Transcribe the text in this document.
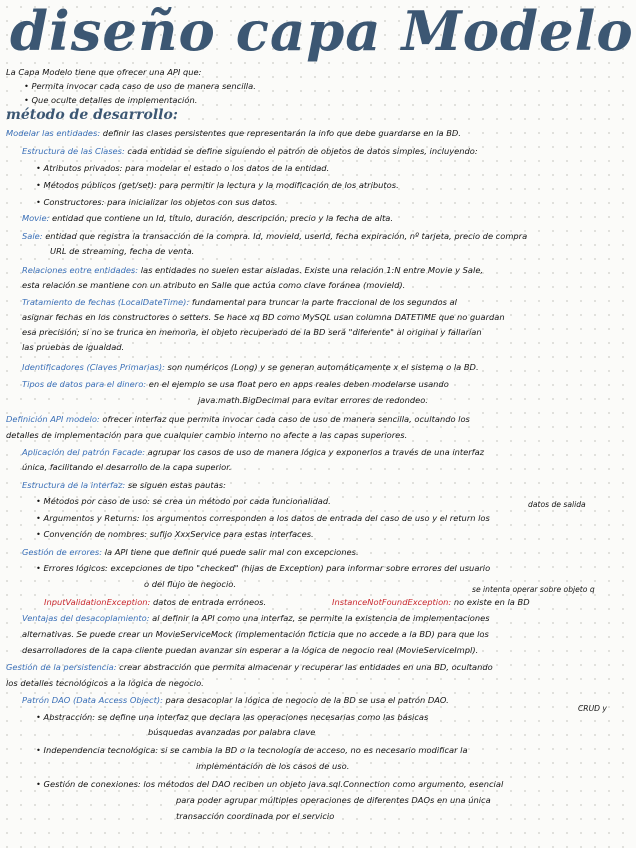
diseño capa Modelo
La Capa Modelo tiene que ofrecer una API que:
• Permita invocar cada caso de uso de manera sencilla.
• Que oculte detalles de implementación.
método de desarrollo:
Modelar las entidades: definir las clases persistentes que representarán la info que debe guardarse en la BD.
Estructura de las Clases: cada entidad se define siguiendo el patrón de objetos de datos simples, incluyendo:
• Atributos privados: para modelar el estado o los datos de la entidad.
• Métodos públicos (get/set): para permitir la lectura y la modificación de los atributos.
• Constructores: para inicializar los objetos con sus datos.
Movie: entidad que contiene un Id, título, duración, descripción, precio y la fecha de alta.
Sale: entidad que registra la transacción de la compra. Id, movieId, userId, fecha expiración, nº tarjeta, precio de compra
URL de streaming, fecha de venta.
Relaciones entre entidades: las entidades no suelen estar aisladas. Existe una relación 1:N entre Movie y Sale,
esta relación se mantiene con un atributo en Salle que actúa como clave foránea (movieId).
Tratamiento de fechas (LocalDateTime): fundamental para truncar la parte fraccional de los segundos al
asignar fechas en los constructores o setters. Se hace xq BD como MySQL usan columna DATETIME que no guardan
esa precisión; si no se trunca en memoria, el objeto recuperado de la BD será "diferente" al original y fallarían
las pruebas de igualdad.
Identificadores (Claves Primarias): son numéricos (Long) y se generan automáticamente x el sistema o la BD.
Tipos de datos para el dinero: en el ejemplo se usa float pero en apps reales deben modelarse usando
java.math.BigDecimal para evitar errores de redondeo.
Definición API modelo: ofrecer interfaz que permita invocar cada caso de uso de manera sencilla, ocultando los
detalles de implementación para que cualquier cambio interno no afecte a las capas superiores.
Aplicación del patrón Facade: agrupar los casos de uso de manera lógica y exponerlos a través de una interfaz
única, facilitando el desarrollo de la capa superior.
Estructura de la interfaz: se siguen estas pautas:
• Métodos por caso de uso: se crea un método por cada funcionalidad.	datos de salida
• Argumentos y Returns: los argumentos corresponden a los datos de entrada del caso de uso y el return los
• Convención de nombres: sufijo XxxService para estas interfaces.
Gestión de errores: la API tiene que definir qué puede salir mal con excepciones.
• Errores lógicos: excepciones de tipo "checked" (hijas de Exception) para informar sobre errores del usuario
o del flujo de negocio.
se intenta operar sobre objeto q
InputValidationException: datos de entrada erróneos.	InstanceNotFoundException: no existe en la BD
Ventajas del desacoplamiento: al definir la API como una interfaz, se permite la existencia de implementaciones
alternativas. Se puede crear un MovieServiceMock (implementación ficticia que no accede a la BD) para que los
desarrolladores de la capa cliente puedan avanzar sin esperar a la lógica de negocio real (MovieServiceImpl).
Gestión de la persistencia: crear abstracción que permita almacenar y recuperar las entidades en una BD, ocultando
los detalles tecnológicos a la lógica de negocio.
Patrón DAO (Data Access Object): para desacoplar la lógica de negocio de la BD se usa el patrón DAO.
CRUD y
• Abstracción: se define una interfaz que declara las operaciones necesarias como las básicas
búsquedas avanzadas por palabra clave
• Independencia tecnológica: si se cambia la BD o la tecnología de acceso, no es necesario modificar la
implementación de los casos de uso.
• Gestión de conexiones: los métodos del DAO reciben un objeto java.sql.Connection como argumento, esencial
para poder agrupar múltiples operaciones de diferentes DAOs en una única
transacción coordinada por el servicio
